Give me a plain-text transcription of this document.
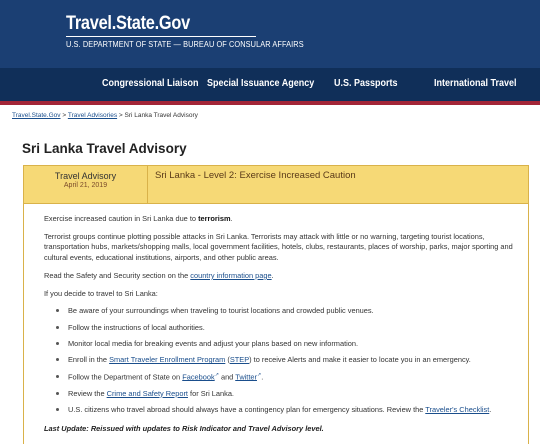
Travel.State.Gov
U.S. DEPARTMENT OF STATE — BUREAU OF CONSULAR AFFAIRS
Congressional Liaison Special Issuance Agency U.S. Passports	International Travel
Travel.State.Gov > Travel Advisories > Sri Lanka Travel Advisory
Sri Lanka Travel Advisory
Travel Advisory
April 21, 2019
Sri Lanka - Level 2: Exercise Increased Caution

Exercise increased caution in Sri Lanka due to terrorism.

Terrorist groups continue plotting possible attacks in Sri Lanka. Terrorists may attack with little or no warning, targeting tourist locations, transportation hubs, markets/shopping malls, local government facilities, hotels, clubs, restaurants, places of worship, parks, major sporting and cultural events, educational institutions, airports, and other public areas.

Read the Safety and Security section on the country information page.

If you decide to travel to Sri Lanka:

Be aware of your surroundings when traveling to tourist locations and crowded public venues.
Follow the instructions of local authorities.
Monitor local media for breaking events and adjust your plans based on new information.
Enroll in the Smart Traveler Enrollment Program (STEP) to receive Alerts and make it easier to locate you in an emergency.
Follow the Department of State on Facebook↗ and Twitter↗.
Review the Crime and Safety Report for Sri Lanka.
U.S. citizens who travel abroad should always have a contingency plan for emergency situations. Review the Traveler's Checklist.

Last Update: Reissued with updates to Risk Indicator and Travel Advisory level.
